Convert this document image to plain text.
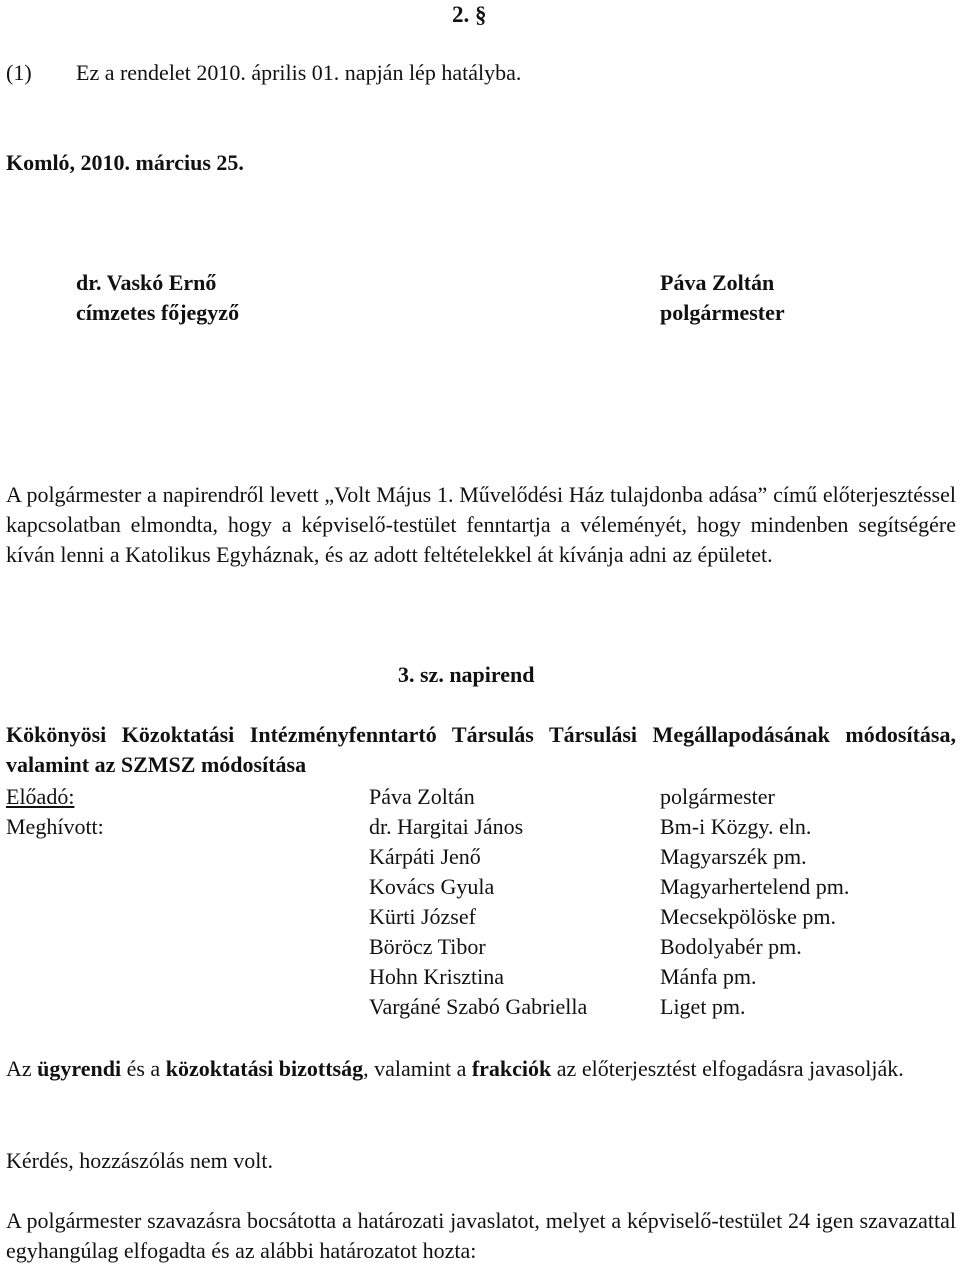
2. §
(1) Ez a rendelet 2010. április 01. napján lép hatályba.
Komló, 2010. március 25.
dr. Vaskó Ernő
címzetes főjegyző
Páva Zoltán
polgármester
A polgármester a napirendről levett „Volt Május 1. Művelődési Ház tulajdonba adása” című előterjesztéssel kapcsolatban elmondta, hogy a képviselő-testület fenntartja a véleményét, hogy mindenben segítségére kíván lenni a Katolikus Egyháznak, és az adott feltételekkel át kívánja adni az épületet.
3. sz. napirend
Kökönyösi Közoktatási Intézményfenntartó Társulás Társulási Megállapodásának módosítása, valamint az SZMSZ módosítása
Előadó:	Páva Zoltán	polgármester
Meghívott:	dr. Hargitai János	Bm-i Közgy. eln.
Kárpáti Jenő	Magyarszék pm.
Kovács Gyula	Magyarhertelend pm.
Kürti József	Mecsekpölöske pm.
Böröcz Tibor	Bodolyabér pm.
Hohn Krisztina	Mánfa pm.
Vargáné Szabó Gabriella	Liget pm.
Az ügyrendi és a közoktatási bizottság, valamint a frakciók az előterjesztést elfogadásra javasolják.
Kérdés, hozzászólás nem volt.
A polgármester szavazásra bocsátotta a határozati javaslatot, melyet a képviselő-testület 24 igen szavazattal egyhangúlag elfogadta és az alábbi határozatot hozta:
